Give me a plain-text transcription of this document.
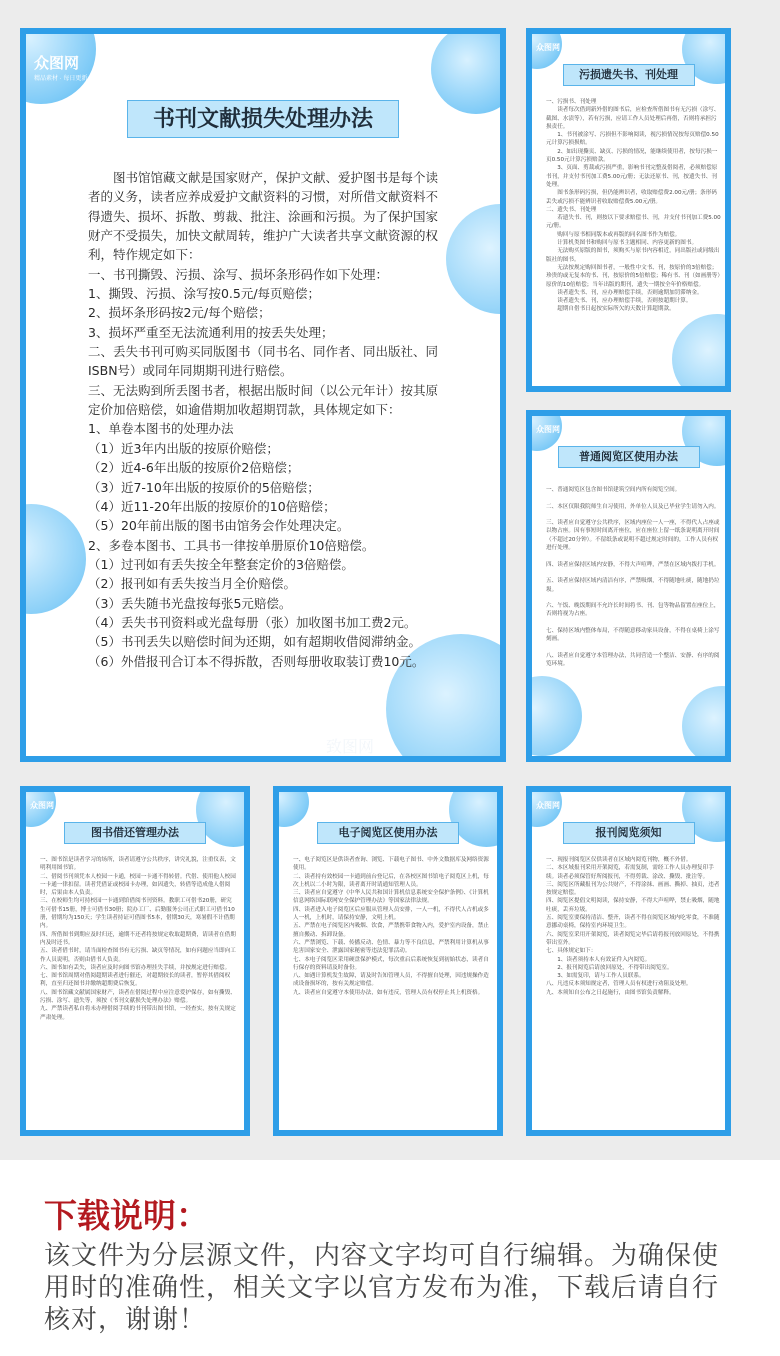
众图网
精品素材 · 每日更新
书刊文献损失处理办法

　　图书馆馆藏文献是国家财产，保护文献、爱护图书是每个读者的义务，读者应养成爱护文献资料的习惯，对所借文献资料不得遗失、损坏、拆散、剪裁、批注、涂画和污损。为了保护国家财产不受损失，加快文献周转，维护广大读者共享文献资源的权利，特作规定如下：

一、书刊撕毁、污损、涂写、损坏条形码作如下处理：

1、撕毁、污损、涂写按0.5元/每页赔偿；

2、损坏条形码按2元/每个赔偿；

3、损坏严重至无法流通利用的按丢失处理；

二、丢失书刊可购买同版图书（同书名、同作者、同出版社、同ISBN号）或同年同期期刊进行赔偿。

三、无法购到所丢图书者，根据出版时间（以公元年计）按其原定价加倍赔偿，如逾借期加收超期罚款，具体规定如下：

1、单卷本图书的处理办法

（1）近3年内出版的按原价赔偿；

（2）近4-6年出版的按原价2倍赔偿；

（3）近7-10年出版的按原价的5倍赔偿；

（4）近11-20年出版的按原价的10倍赔偿；

（5）20年前出版的图书由馆务会作处理决定。

2、多卷本图书、工具书一律按单册原价10倍赔偿。

（1）过刊如有丢失按全年整套定价的3倍赔偿。

（2）报刊如有丢失按当月全价赔偿。

（3）丢失随书光盘按每张5元赔偿。

（4）丢失书刊资料或光盘每册（张）加收图书加工费2元。

（5）书刊丢失以赔偿时间为还期，如有超期收借阅滞纳金。

（6）外借报刊合订本不得拆散，否则每册收取装订费10元。

致图网
众图网
污损遗失书、刊处理

一、污损书、刊处理

　　读者每次借到新外借的图书后，应检查所借图书有无污损（涂写、截图、水渍等），若有污损，应请工作人员处理后再借，否则将承担污损责任。

　　1、书刊被涂写、污损但不影响阅读，视污损情况按每页赔偿0.50元计算污损损赔。

　　2、如出现撕页、缺页、污损的情况，能继续使用者，按每污损一页0.50元计算污损赔款。

　　3、页面、剪裁或污损严重，影响书刊完整及借阅者，必须赔偿原书刊，并支付书刊加工费5.00元/册；无法还原书、刊，按遗失书、刊处理。

　　图书条形码污损，但仍能辨识者，收取赔偿费2.00元/册；条形码丢失或污损不能辨识者收取赔偿费5.00元/册。

二、遗失书、刊处理

　　若遗失书、刊，则按以下要求赔偿书、刊，并支付书刊加工费5.00元/册。

　　购回与原书相同版本或再版的同名图书作为赔偿。

　　计算机类图书和购回与原书主题相同、内容更新的图书。

　　无法购买原版的图书，须购买与原书内容相近，同出版社或同级出版社的图书。

　　无法按规定购回图书者，一般性中文书、刊，按原价的3倍赔偿；珍贵的或无复本的书、刊，按原价的5倍赔偿；稀有书、刊（如画册等）原价的10倍赔偿；当年出版的期刊，遗失一期按全年价格赔偿。

　　读者遗失书、刊，应办理赔偿手续，否则逾期加罚滞纳金。

　　读者遗失书、刊，应办理赔偿手续，否则按超期计算。

　　超期自借书日起按实际所欠的天数计算超期款。

众图网
普通阅览区使用办法

一、普通阅览区包含图书馆建筑空间内所有阅览空间。

二、本区仅限我院师生自习使用，外单位人员及已毕业学生请勿入内。

三、读者应自觉遵守公共秩序，区域内座位一人一座，不得代人占座或以物占座。因有事短时间离开座位，应在座位上留一纸条说明离开时间（不超过20分钟）。不留纸条或说明不超过规定时间的，工作人员有权进行处理。

四、读者应保持区域内安静，不得大声喧哗，严禁在区域内拨打手机。

五、读者应保持区域内清洁有序，严禁吸烟，不得随地吐痰，随地扔垃圾。

六、午饭、晚饭期间不允许长时间将书、刊、包等物品留置在座位上，否则将视为占座。

七、保持区域内整体布局，不得随意移动家具设备，不得在桌椅上涂写刻画。

八、读者应自觉遵守本管理办法，共同营造一个整洁、安静、有序的阅览环境。

众图网
图书借还管理办法

一、图书馆是读者学习的场所，读者请遵守公共秩序，讲究礼貌，注重仪表，文明利用图书馆。

二、借阅书刊须凭本人校园一卡通，校园一卡通不得转借。代借、使用他人校园一卡通一律扣留。读者凭借证或校园卡办理，如因遗失，转借等造成他人借阅时，后果由本人负责。

三、在校师生均可持校园一卡通到馆借阅书刊资料。教职工可借书20册，研究生可借书15册，博士可借书30册；院办工厂、后勤服务公司正式职工可借书10册，借期均为150天；学生读者持证可借图书5本，借期30天，寒暑假不计借期内。

四、所借图书到期应及时归还，逾期不还者将按规定收取超期费，请读者在借期内及时还书。

五、读者借书时，请当面检查图书有无污损、缺页等情况，如有问题应当即向工作人员说明，否则由借书人负责。

六、图书如有丢失，读者应及时向图书馆办理挂失手续，并按规定进行赔偿。

七、图书馆周期对借阅超期读者进行催还，对超期较长的读者，暂停其借阅权利，直至归还图书并缴纳超期费后恢复。

八、图书馆藏文献属国家财产，读者在借阅过程中应注意爱护保存，如有撕毁、污损、涂写、遗失等，须按《书刊文献损失处理办法》赔偿。

九、严禁读者私自将未办理借阅手续的书刊带出图书馆，一经查实，按有关规定严肃处理。

电子阅览区使用办法

一、电子阅览区是供读者查询、浏览、下载电子图书、中外文数据库及网络资源使用。

二、读者持有效校园一卡通到前台登记后，在各校区图书馆电子阅览区上机，每次上机以二小时为限，读者离开时请通知管理人员。

三、读者应自觉遵守《中华人民共和国计算机信息系统安全保护条例》、《计算机信息网络国际联网安全保护管理办法》等国家法律法规。

四、读者进入电子阅览区后应服从管理人员安排，一人一机，不得代人占机或多人一机，上机时，请保持安静，文明上机。

五、严禁在电子阅览区内吸烟、饮食，严禁携带食物入内，爱护室内设备，禁止擅自搬动、拆卸设备。

六、严禁浏览、下载、传播反动、色情、暴力等不良信息，严禁利用计算机从事危害国家安全、泄露国家秘密等违法犯罪活动。

七、本电子阅览区采用硬盘保护模式，每次重启后系统恢复到初始状态，读者自行保存的资料请及时备份。

八、如遇计算机发生故障，请及时告知管理人员，不得擅自处理，因违规操作造成设备损坏的，按有关规定赔偿。

九、读者应自觉遵守本使用办法，如有违反，管理人员有权停止其上机资格。

众图网
报刊阅览须知

一、现报刊阅览区仅供读者在区域内阅览刊物，概不外借。

二、本区域报刊采用开架阅览，若需复制，需经工作人员办理复印手续。读者必须保管好所阅报刊，不得剪裁、涂改、撕毁、批注等。

三、阅览区所藏报刊为公共财产，不得涂抹、画画、撕掉、抽页，违者按规定赔偿。

四、阅览区提倡文明阅读，保持安静，不得大声喧哗，禁止吸烟，随地吐痰，丢弃垃圾。

五、阅览室要保持清洁、整齐，读者不得在阅览区域内吃零食，不准随意挪动桌椅，保持室内环境卫生。

六、阅览室采用开架阅览，读者阅览完毕后请将报刊放回原处，不得携带出室外。

七、具体规定如下：

　　1、读者须持本人有效证件入内阅览。

　　2、报刊阅览后请放回原处，不得带出阅览室。

　　3、如需复印，请与工作人员联系。

八、凡违反本须知规定者，管理人员有权进行劝阻及处理。

九、本须知自公布之日起施行，由图书馆负责解释。

下载说明：
该文件为分层源文件，内容文字均可自行编辑。为确保使用时的准确性，相关文字以官方发布为准，下载后请自行核对，谢谢！
